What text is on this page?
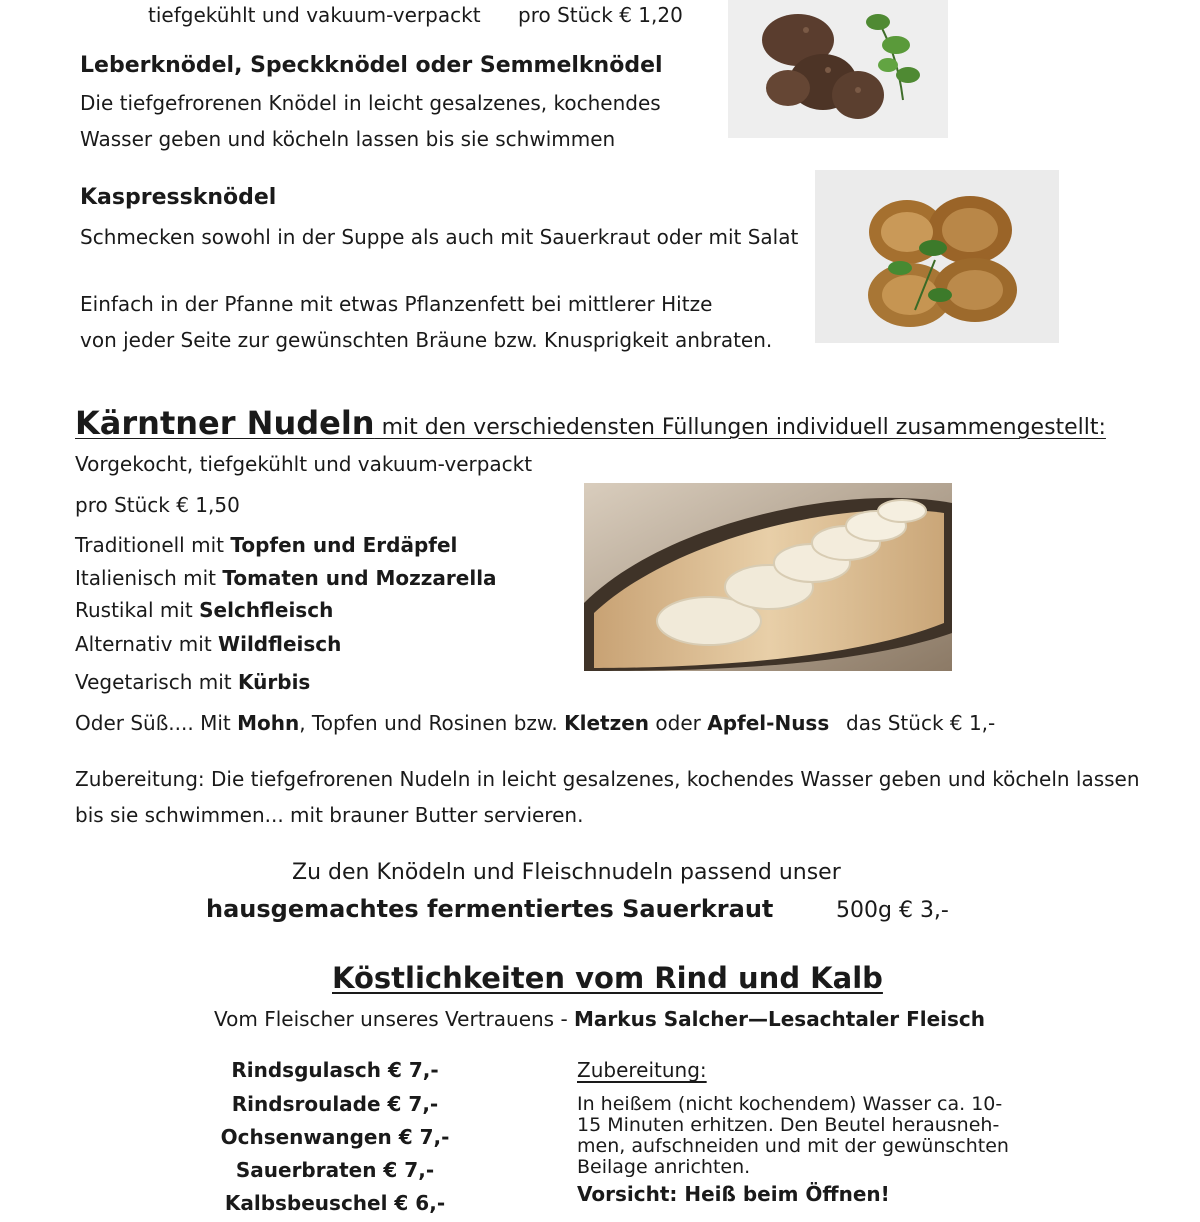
tiefgekühlt und vakuum-verpackt pro Stück € 1,20
Leberknödel, Speckknödel oder Semmelknödel
Die tiefgefrorenen Knödel in leicht gesalzenes, kochendes
Wasser geben und köcheln lassen bis sie schwimmen
Kaspressknödel
Schmecken sowohl in der Suppe als auch mit Sauerkraut oder mit Salat
Einfach in der Pfanne mit etwas Pflanzenfett bei mittlerer Hitze
von jeder Seite zur gewünschten Bräune bzw. Knusprigkeit anbraten.
Kärntner Nudeln mit den verschiedensten Füllungen individuell zusammengestellt:
Vorgekocht, tiefgekühlt und vakuum-verpackt
pro Stück € 1,50
Traditionell mit Topfen und Erdäpfel
Italienisch mit Tomaten und Mozzarella
Rustikal mit Selchfleisch
Alternativ mit Wildfleisch
Vegetarisch mit Kürbis
Oder Süß.... Mit Mohn, Topfen und Rosinen bzw. Kletzen oder Apfel-Nuss das Stück € 1,-
Zubereitung: Die tiefgefrorenen Nudeln in leicht gesalzenes, kochendes Wasser geben und köcheln lassen
bis sie schwimmen... mit brauner Butter servieren.
Zu den Knödeln und Fleischnudeln passend unser
hausgemachtes fermentiertes Sauerkraut	500g € 3,-
Köstlichkeiten vom Rind und Kalb
Vom Fleischer unseres Vertrauens - Markus Salcher—Lesachtaler Fleisch
Rindsgulasch € 7,-
Rindsroulade € 7,-
Ochsenwangen € 7,-
Sauerbraten € 7,-
Kalbsbeuschel € 6,-
Zubereitung:
In heißem (nicht kochendem) Wasser ca. 10-
15 Minuten erhitzen. Den Beutel herausneh-
men, aufschneiden und mit der gewünschten
Beilage anrichten.
Vorsicht: Heiß beim Öffnen!
